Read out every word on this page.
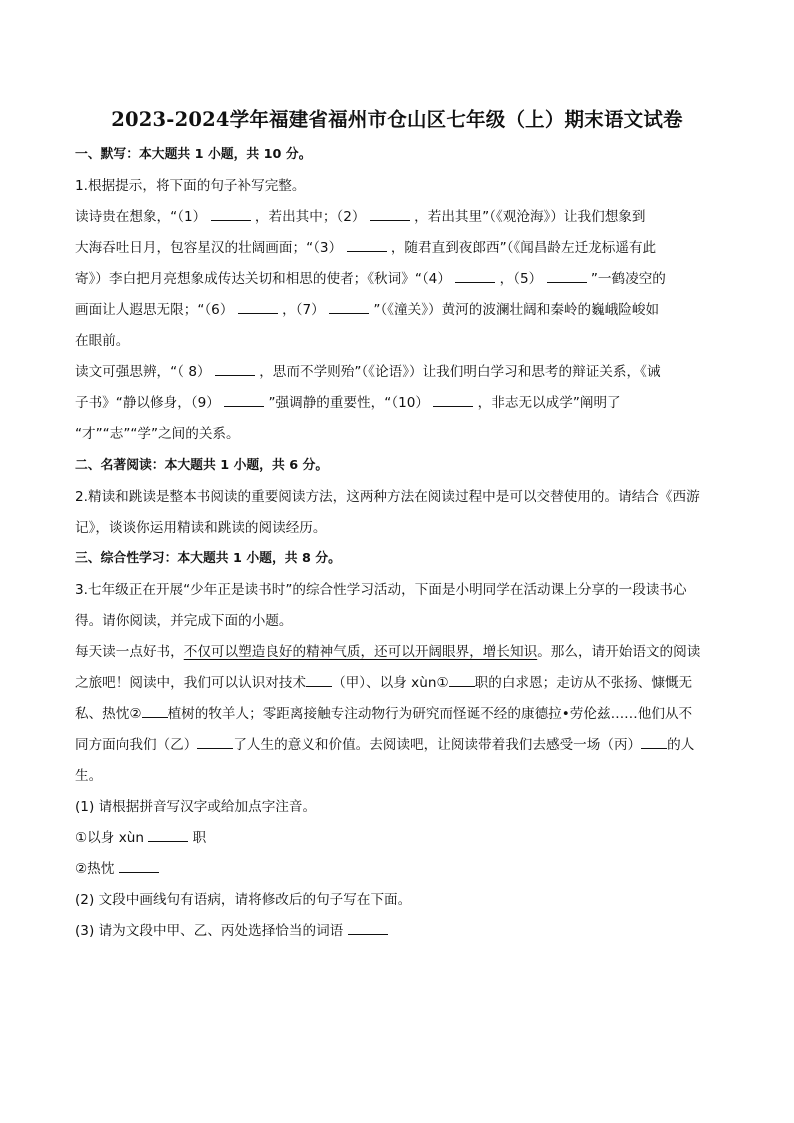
2023-2024学年福建省福州市仓山区七年级（上）期末语文试卷
一、默写：本大题共 1 小题，共 10 分。
1.根据提示，将下面的句子补写完整。
读诗贵在想象，“（1）	，若出其中；（2）	，若出其里”（《观沧海》）让我们想象到
大海吞吐日月，包容星汉的壮阔画面；“（3）	，随君直到夜郎西”（《闻昌龄左迁龙标遥有此
寄》）李白把月亮想象成传达关切和相思的使者；《秋词》“（4）	，（5）	”一鹤凌空的
画面让人遐思无限；“（6）	，（7）	”（《潼关》）黄河的波澜壮阔和秦岭的巍峨险峻如
在眼前。
读文可强思辨，“（ 8）	，思而不学则殆”（《论语》）让我们明白学习和思考的辩证关系，《诫
子书》“静以修身，（9）	”强调静的重要性，“（10）	，非志无以成学”阐明了
“才”“志”“学”之间的关系。
二、名著阅读：本大题共 1 小题，共 6 分。
2.精读和跳读是整本书阅读的重要阅读方法，这两种方法在阅读过程中是可以交替使用的。请结合《西游
记》，谈谈你运用精读和跳读的阅读经历。
三、综合性学习：本大题共 1 小题，共 8 分。
3.七年级正在开展“少年正是读书时”的综合性学习活动，下面是小明同学在活动课上分享的一段读书心
得。请你阅读，并完成下面的小题。
每天读一点好书，不仅可以塑造良好的精神气质，还可以开阔眼界，增长知识。那么，请开始语文的阅读
之旅吧！阅读中，我们可以认识对技术 （甲）、以身 xùn① 职的白求恩；走访从不张扬、慷慨无
私、热忱② 植树的牧羊人；零距离接触专注动物行为研究而怪诞不经的康德拉•劳伦兹……他们从不
同方面向我们（乙）	了人生的意义和价值。去阅读吧，让阅读带着我们去感受一场（丙） 的人
生。
(1) 请根据拼音写汉字或给加点字注音。
①以身 xùn	职
②热忱
(2) 文段中画线句有语病，请将修改后的句子写在下面。
(3) 请为文段中甲、乙、丙处选择恰当的词语
